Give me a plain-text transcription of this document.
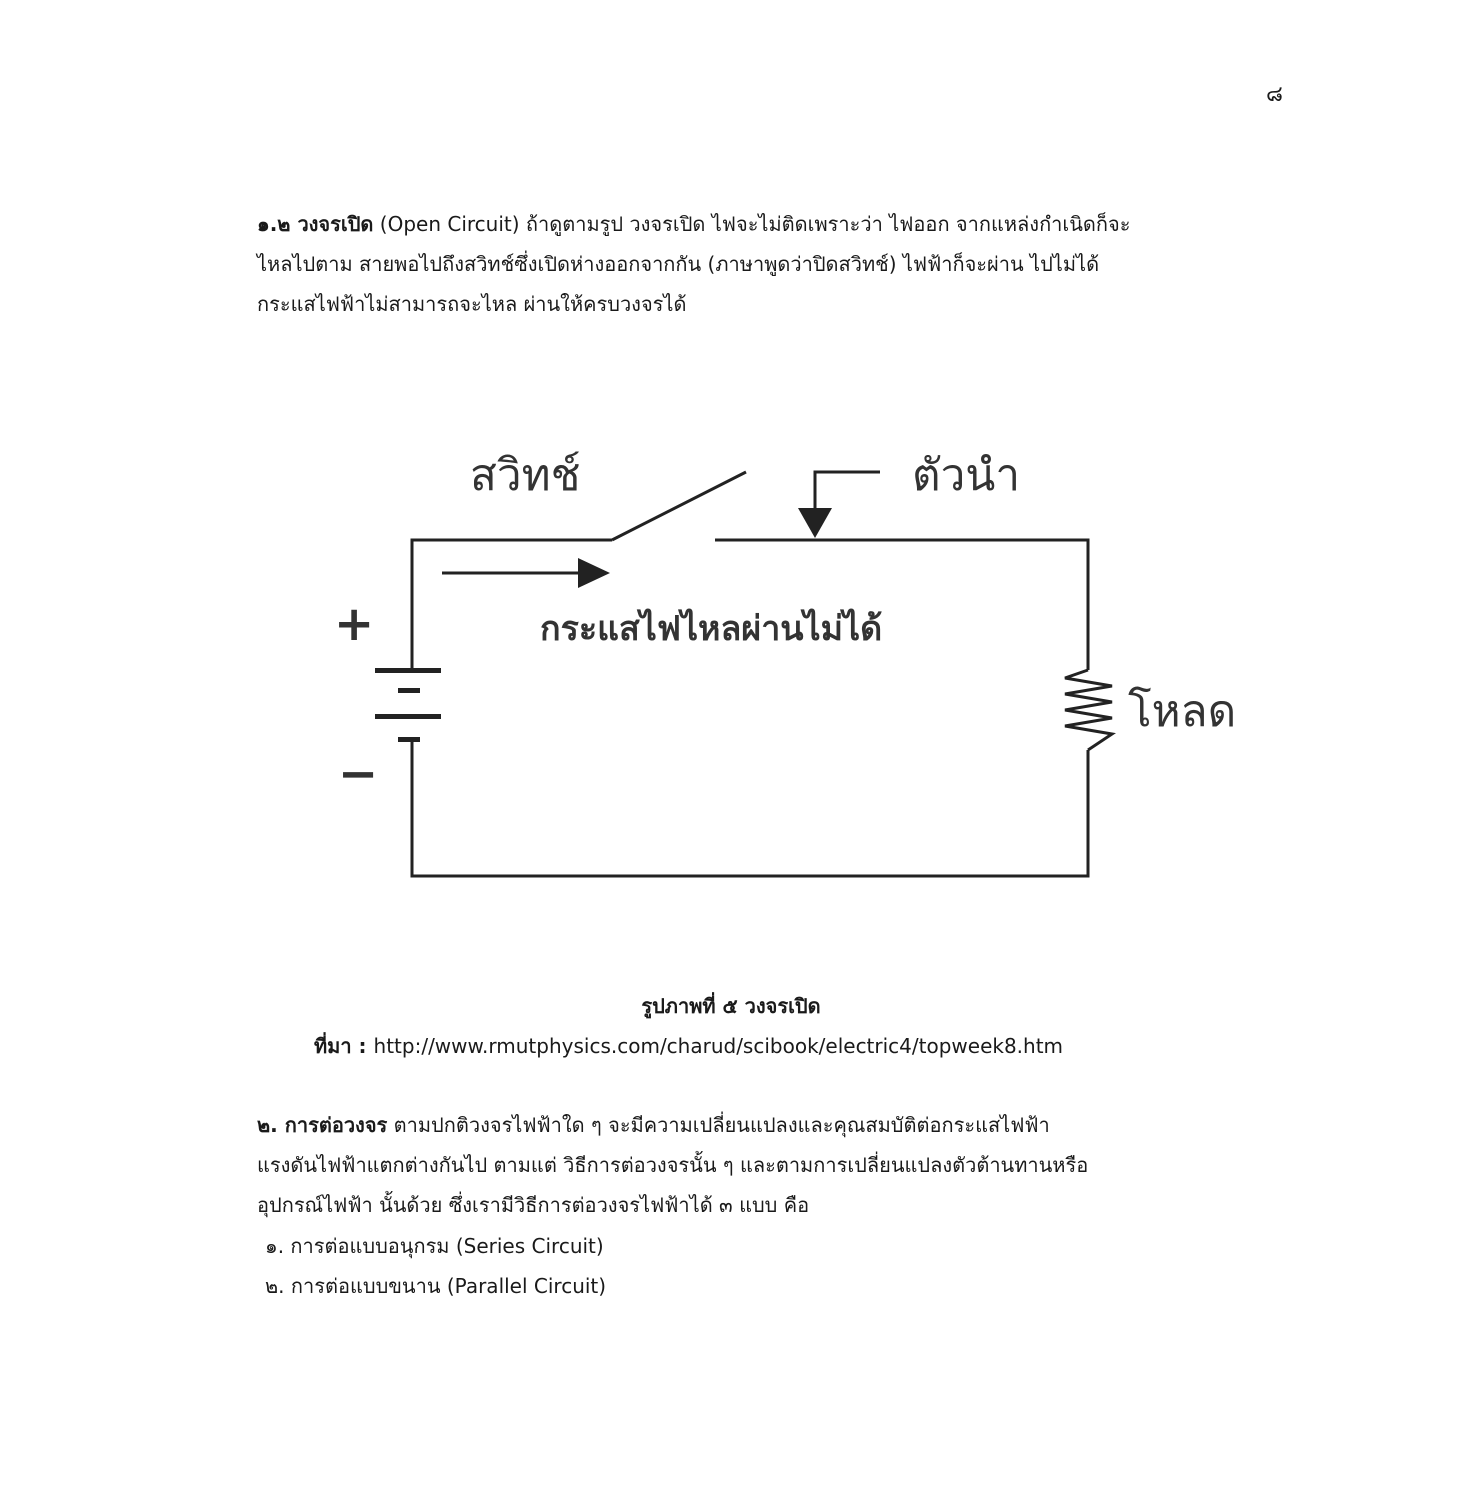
๘
๑.๒ วงจรเปิด (Open Circuit) ถ้าดูตามรูป วงจรเปิด ไฟจะไม่ติดเพราะว่า ไฟออก จากแหล่งกำเนิดก็จะ
ไหลไปตาม สายพอไปถึงสวิทช์ซึ่งเปิดห่างออกจากกัน (ภาษาพูดว่าปิดสวิทช์) ไฟฟ้าก็จะผ่าน ไปไม่ได้
กระแสไฟฟ้าไม่สามารถจะไหล ผ่านให้ครบวงจรได้
สวิทช์	ตัวนำ
กระแสไฟไหลผ่านไม่ได้
โหลด
+
−
รูปภาพที่ ๕ วงจรเปิด
ที่มา : http://www.rmutphysics.com/charud/scibook/electric4/topweek8.htm
๒. การต่อวงจร ตามปกติวงจรไฟฟ้าใด ๆ จะมีความเปลี่ยนแปลงและคุณสมบัติต่อกระแสไฟฟ้า
แรงดันไฟฟ้าแตกต่างกันไป ตามแต่ วิธีการต่อวงจรนั้น ๆ และตามการเปลี่ยนแปลงตัวต้านทานหรือ
อุปกรณ์ไฟฟ้า นั้นด้วย ซึ่งเรามีวิธีการต่อวงจรไฟฟ้าได้ ๓ แบบ คือ
๑. การต่อแบบอนุกรม (Series Circuit)
๒. การต่อแบบขนาน (Parallel Circuit)
